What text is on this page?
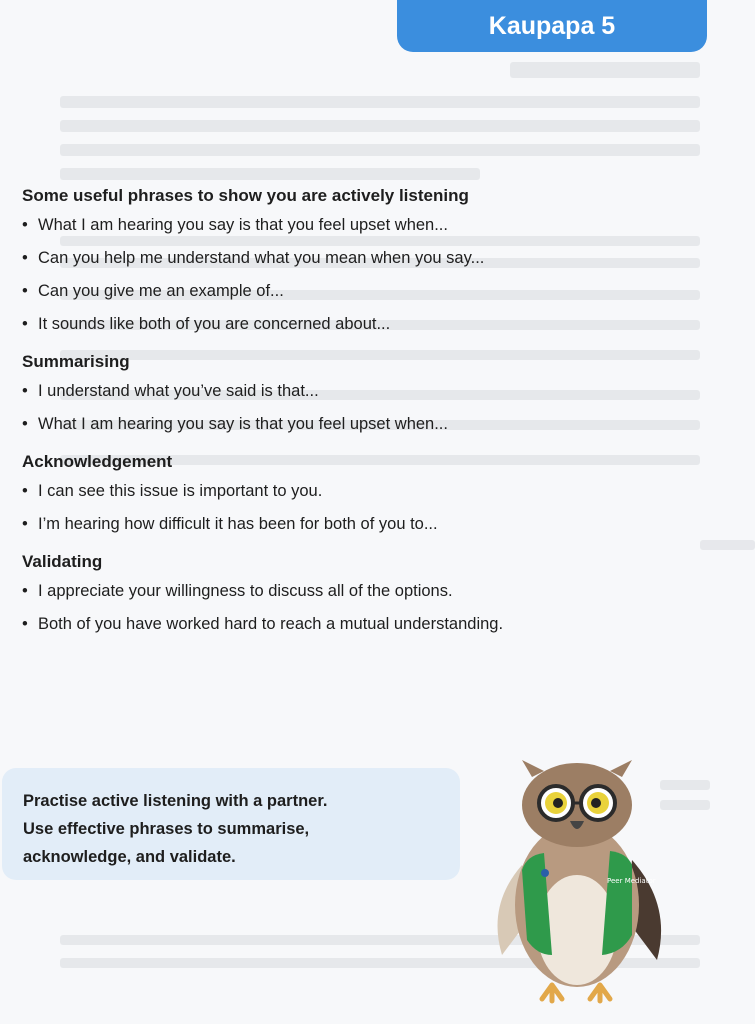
Kaupapa 5

Some useful phrases to show you are actively listening

• What I am hearing you say is that you feel upset when...

• Can you help me understand what you mean when you say...

• Can you give me an example of...

• It sounds like both of you are concerned about...

Summarising

• I understand what you’ve said is that...

• What I am hearing you say is that you feel upset when...

Acknowledgement

• I can see this issue is important to you.

• I’m hearing how difficult it has been for both of you to...

Validating

• I appreciate your willingness to discuss all of the options.

• Both of you have worked hard to reach a mutual understanding.

Practise active listening with a partner.
Use effective phrases to summarise,
acknowledge, and validate.

Peer Mediator
